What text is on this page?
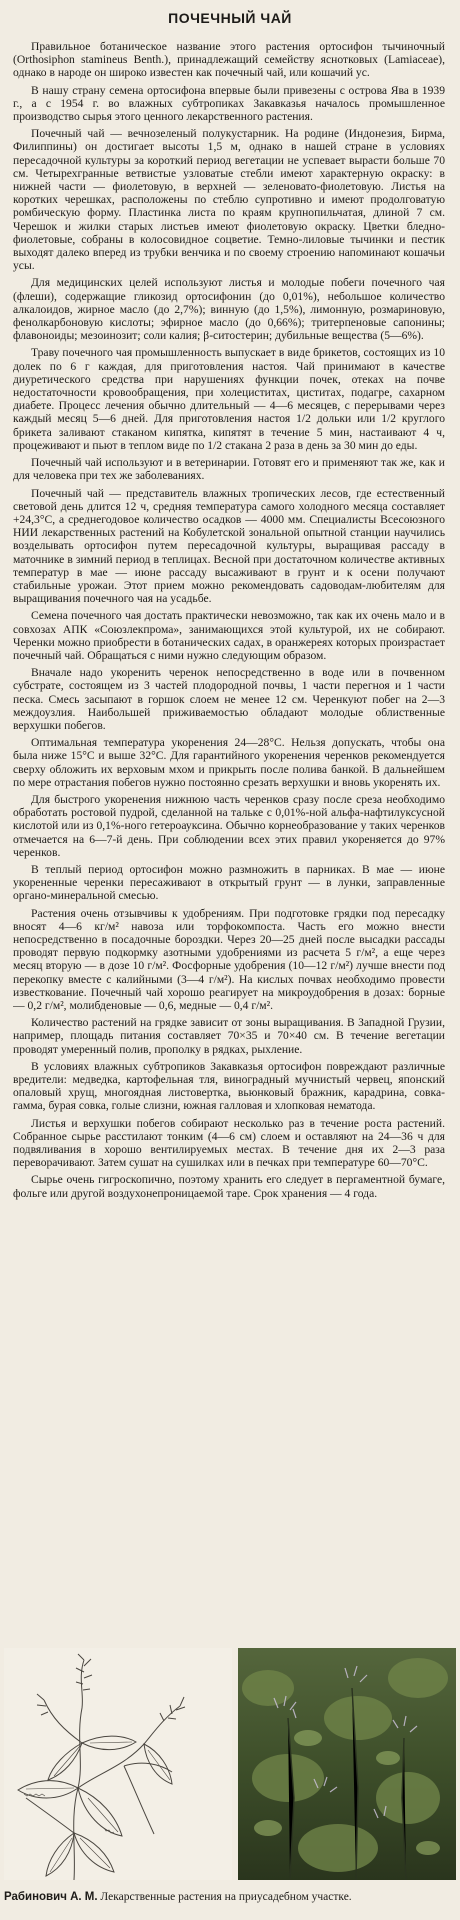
ПОЧЕЧНЫЙ ЧАЙ

Правильное ботаническое название этого растения ортосифон тычиночный (Orthosiphon stamineus Benth.), принадлежащий семейству яснотковых (Lamiaceae), однако в народе он широко известен как почечный чай, или кошачий ус.

В нашу страну семена ортосифона впервые были привезены с острова Ява в 1939 г., а с 1954 г. во влажных субтропиках Закавказья началось промышленное производство сырья этого ценного лекарственного растения.

Почечный чай — вечнозеленый полукустарник. На родине (Индонезия, Бирма, Филиппины) он достигает высоты 1,5 м, однако в нашей стране в условиях пересадочной культуры за короткий период вегетации не успевает вырасти больше 70 см. Четырехгранные ветвистые узловатые стебли имеют характерную окраску: в нижней части — фиолетовую, в верхней — зеленовато-фиолетовую. Листья на коротких черешках, расположены по стеблю супротивно и имеют продолговатую ромбическую форму. Пластинка листа по краям крупнопильчатая, длиной 7 см. Черешок и жилки старых листьев имеют фиолетовую окраску. Цветки бледно-фиолетовые, собраны в колосовидное соцветие. Темно-лиловые тычинки и пестик выходят далеко вперед из трубки венчика и по своему строению напоминают кошачьи усы.

Для медицинских целей используют листья и молодые побеги почечного чая (флеши), содержащие гликозид ортосифонин (до 0,01%), небольшое количество алкалоидов, жирное масло (до 2,7%); винную (до 1,5%), лимонную, розмариновую, фенолкарбоновую кислоты; эфирное масло (до 0,66%); тритерпеновые сапонины; флавоноиды; мезоинозит; соли калия; β-ситостерин; дубильные вещества (5—6%).

Траву почечного чая промышленность выпускает в виде брикетов, состоящих из 10 долек по 6 г каждая, для приготовления настоя. Чай принимают в качестве диуретического средства при нарушениях функции почек, отеках на почве недостаточности кровообращения, при холециститах, циститах, подагре, сахарном диабете. Процесс лечения обычно длительный — 4—6 месяцев, с перерывами через каждый месяц 5—6 дней. Для приготовления настоя 1/2 дольки или 1/2 круглого брикета заливают стаканом кипятка, кипятят в течение 5 мин, настаивают 4 ч, процеживают и пьют в теплом виде по 1/2 стакана 2 раза в день за 30 мин до еды.

Почечный чай используют и в ветеринарии. Готовят его и применяют так же, как и для человека при тех же заболеваниях.

Почечный чай — представитель влажных тропических лесов, где естественный световой день длится 12 ч, средняя температура самого холодного месяца составляет +24,3°С, а среднегодовое количество осадков — 4000 мм. Специалисты Всесоюзного НИИ лекарственных растений на Кобулетской зональной опытной станции научились возделывать ортосифон путем пересадочной культуры, выращивая рассаду в маточнике в зимний период в теплицах. Весной при достаточном количестве активных температур в мае — июне рассаду высаживают в грунт и к осени получают стабильные урожаи. Этот прием можно рекомендовать садоводам-любителям для выращивания почечного чая на усадьбе.

Семена почечного чая достать практически невозможно, так как их очень мало и в совхозах АПК «Союзлекпрома», занимающихся этой культурой, их не собирают. Черенки можно приобрести в ботанических садах, в оранжереях которых произрастает почечный чай. Обращаться с ними нужно следующим образом.

Вначале надо укоренить черенок непосредственно в воде или в почвенном субстрате, состоящем из 3 частей плодородной почвы, 1 части перегноя и 1 части песка. Смесь засыпают в горшок слоем не менее 12 см. Черенкуют побег на 2—3 междоузлия. Наибольшей приживаемостью обладают молодые облиственные верхушки побегов.

Оптимальная температура укоренения 24—28°С. Нельзя допускать, чтобы она была ниже 15°С и выше 32°С. Для гарантийного укоренения черенков рекомендуется сверху обложить их верховым мхом и прикрыть после полива банкой. В дальнейшем по мере отрастания побегов нужно постоянно срезать верхушки и вновь укоренять их.

Для быстрого укоренения нижнюю часть черенков сразу после среза необходимо обработать ростовой пудрой, сделанной на тальке с 0,01%-ной альфа-нафтилуксусной кислотой или из 0,1%-ного гетероауксина. Обычно корнеобразование у таких черенков отмечается на 6—7-й день. При соблюдении всех этих правил укореняется до 97% черенков.

В теплый период ортосифон можно размножить в парниках. В мае — июне укорененные черенки пересаживают в открытый грунт — в лунки, заправленные органо-минеральной смесью.

Растения очень отзывчивы к удобрениям. При подготовке грядки под пересадку вносят 4—6 кг/м² навоза или торфокомпоста. Часть его можно внести непосредственно в посадочные бороздки. Через 20—25 дней после высадки рассады проводят первую подкормку азотными удобрениями из расчета 5 г/м², а еще через месяц вторую — в дозе 10 г/м². Фосфорные удобрения (10—12 г/м²) лучше внести под перекопку вместе с калийными (3—4 г/м²). На кислых почвах необходимо провести известкование. Почечный чай хорошо реагирует на микроудобрения в дозах: борные — 0,2 г/м², молибденовые — 0,6, медные — 0,4 г/м².

Количество растений на грядке зависит от зоны выращивания. В Западной Грузии, например, площадь питания составляет 70×35 и 70×40 см. В течение вегетации проводят умеренный полив, прополку в рядках, рыхление.

В условиях влажных субтропиков Закавказья ортосифон повреждают различные вредители: медведка, картофельная тля, виноградный мучнистый червец, японский опаловый хрущ, многоядная листовертка, вьюнковый бражник, карадрина, совка-гамма, бурая совка, голые слизни, южная галловая и хлопковая нематода.

Листья и верхушки побегов собирают несколько раз в течение роста растений. Собранное сырье расстилают тонким (4—6 см) слоем и оставляют на 24—36 ч для подвяливания в хорошо вентилируемых местах. В течение дня их 2—3 раза переворачивают. Затем сушат на сушилках или в печках при температуре 60—70°С.

Сырье очень гигроскопично, поэтому хранить его следует в пергаментной бумаге, фольге или другой воздухонепроницаемой таре. Срок хранения — 4 года.

Рабинович А. М. Лекарственные растения на приусадебном участке.
